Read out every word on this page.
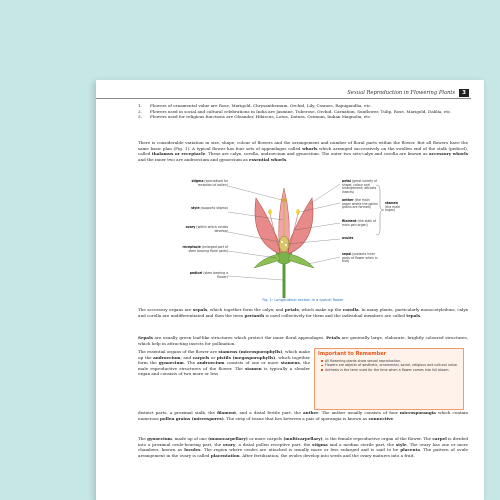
Sexual Reproduction in Flowering Plants	3
1.	Flowers of ornamental value are Rose, Marigold, Chrysanthemum, Orchid, Lily, Cosmos, Rajnigandha, etc.
2.	Flowers used in social and cultural celebrations in India are Jasmine, Tuberose, Orchid, Carnation, Sunflower, Tulip, Rose, Marigold, Dahlia, etc.
3.	Flowers used for religious functions are Oleander, Hibiscus, Lotus, Datura, Ocimum, Indian Magnolia, etc.

There is considerable variation in size, shape, colour of flowers and the arrangement and number of floral parts within the flower. But all flowers have the same basic plan (Fig. 1). A typical flower has four sets of appendages called whorls which arranged successively on the swollen end of the stalk (pedicel), called thalamus or receptacle. These are calyx, corolla, androecium and gynoecium. The outer two sets-calyx and corolla are known as accessory whorls and the inner two are androecium and gynoecium as essential whorls.

stigma (specialised for reception of pollen)
style (supports stigma)
ovary (within which ovules develop)
receptacle (enlarged part of stem bearing floral parts)
pedicel (stem bearing a flower)
petal (great variety of shape, colour and arrangement; attracts insects)
anther (the main organ where the pollen grains are formed)
filament (the stalk of main pen organ)
stamen (the male organ)
ovules
sepal (protects inner parts of flower when in bud)
Fig. 1: Longitudinal section in a typical flower

The accessory organs are sepals, which together form the calyx; and petals, which make up the corolla. In many plants, particularly monocotyledons, calyx and corolla are undifferentiated and then the term perianth is used collectively for them and the individual members are called tepals.

Sepals are usually green leaf-like structures which protect the inner floral appendages. Petals are generally large, elaborate, brightly coloured structures, which help in attracting insects for pollination.

The essential organs of the flower are stamens (microsporophylls), which make up the androecium; and carpels or pistils (megasporophylls), which together form the gynoecium. The androecium consists of one or more stamens, the male reproductive structures of the flower. The stamen is typically a slender organ and consists of two more or less

Important to Remember
All flowering plants show sexual reproduction.
Flowers are objects of aesthetic, ornamental, social, religious and cultural value.
Anthesis is the term used for the time when a flower comes into full bloom.

distinct parts, a proximal stalk, the filament, and a distal fertile part, the anther. The anther usually consists of four microsporangia which contain numerous pollen grains (microspores). The strip of tissue that lies between a pair of sporangia is known as connective.

The gynoecium, made up of one (monocarpellary) or more carpels (multicarpellary), is the female reproductive organ of the flower. The carpel is divided into a proximal ovule-bearing part, the ovary; a distal pollen receptive part, the stigma and a median sterile part, the style. The ovary has one or more chambers, known as locules. The region where ovules are attached is usually more or less enlarged and is said to be placenta. The pattern of ovule arrangement in the ovary is called placentation. After fertilization, the ovules develop into seeds and the ovary matures into a fruit.
